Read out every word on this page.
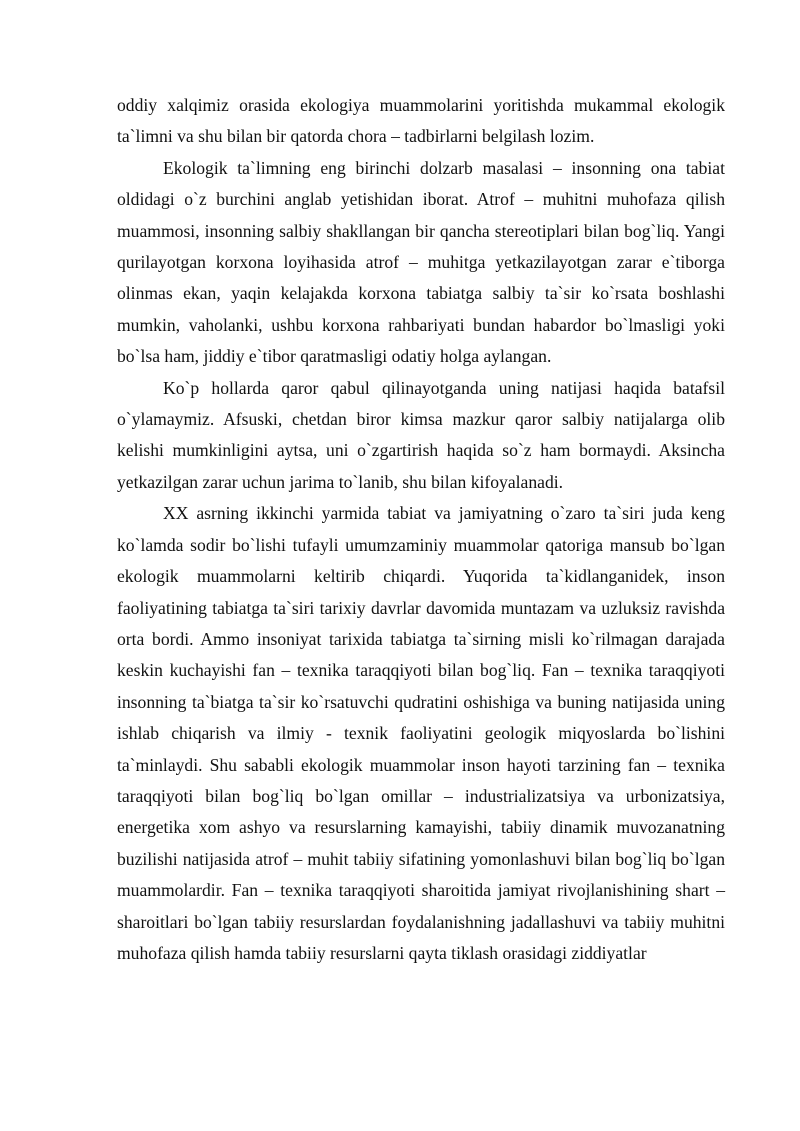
oddiy xalqimiz orasida ekologiya muammolarini yoritishda mukammal ekologik ta`limni va shu bilan bir qatorda chora – tadbirlarni belgilash lozim.

Ekologik ta`limning eng birinchi dolzarb masalasi – insonning ona tabiat oldidagi o`z burchini anglab yetishidan iborat. Atrof – muhitni muhofaza qilish muammosi, insonning salbiy shakllangan bir qancha stereotiplari bilan bog`liq. Yangi qurilayotgan korxona loyihasida atrof – muhitga yetkazilayotgan zarar e`tiborga olinmas ekan, yaqin kelajakda korxona tabiatga salbiy ta`sir ko`rsata boshlashi mumkin, vaholanki, ushbu korxona rahbariyati bundan habardor bo`lmasligi yoki bo`lsa ham, jiddiy e`tibor qaratmasligi odatiy holga aylangan.

Ko`p hollarda qaror qabul qilinayotganda uning natijasi haqida batafsil o`ylamaymiz. Afsuski, chetdan biror kimsa mazkur qaror salbiy natijalarga olib kelishi mumkinligini aytsa, uni o`zgartirish haqida so`z ham bormaydi. Aksincha yetkazilgan zarar uchun jarima to`lanib, shu bilan kifoyalanadi.

XX asrning ikkinchi yarmida tabiat va jamiyatning o`zaro ta`siri juda keng ko`lamda sodir bo`lishi tufayli umumzaminiy muammolar qatoriga mansub bo`lgan ekologik muammolarni keltirib chiqardi. Yuqorida ta`kidlanganidek, inson faoliyatining tabiatga ta`siri tarixiy davrlar davomida muntazam va uzluksiz ravishda orta bordi. Ammo insoniyat tarixida tabiatga ta`sirning misli ko`rilmagan darajada keskin kuchayishi fan – texnika taraqqiyoti bilan bog`liq. Fan – texnika taraqqiyoti insonning ta`biatga ta`sir ko`rsatuvchi qudratini oshishiga va buning natijasida uning ishlab chiqarish va ilmiy - texnik faoliyatini geologik miqyoslarda bo`lishini ta`minlaydi. Shu sababli ekologik muammolar inson hayoti tarzining fan – texnika taraqqiyoti bilan bog`liq bo`lgan omillar – industrializatsiya va urbonizatsiya, energetika xom ashyo va resurslarning kamayishi, tabiiy dinamik muvozanatning buzilishi natijasida atrof – muhit tabiiy sifatining yomonlashuvi bilan bog`liq bo`lgan muammolardir. Fan – texnika taraqqiyoti sharoitida jamiyat rivojlanishining shart – sharoitlari bo`lgan tabiiy resurslardan foydalanishning jadallashuvi va tabiiy muhitni muhofaza qilish hamda tabiiy resurslarni qayta tiklash orasidagi ziddiyatlar
